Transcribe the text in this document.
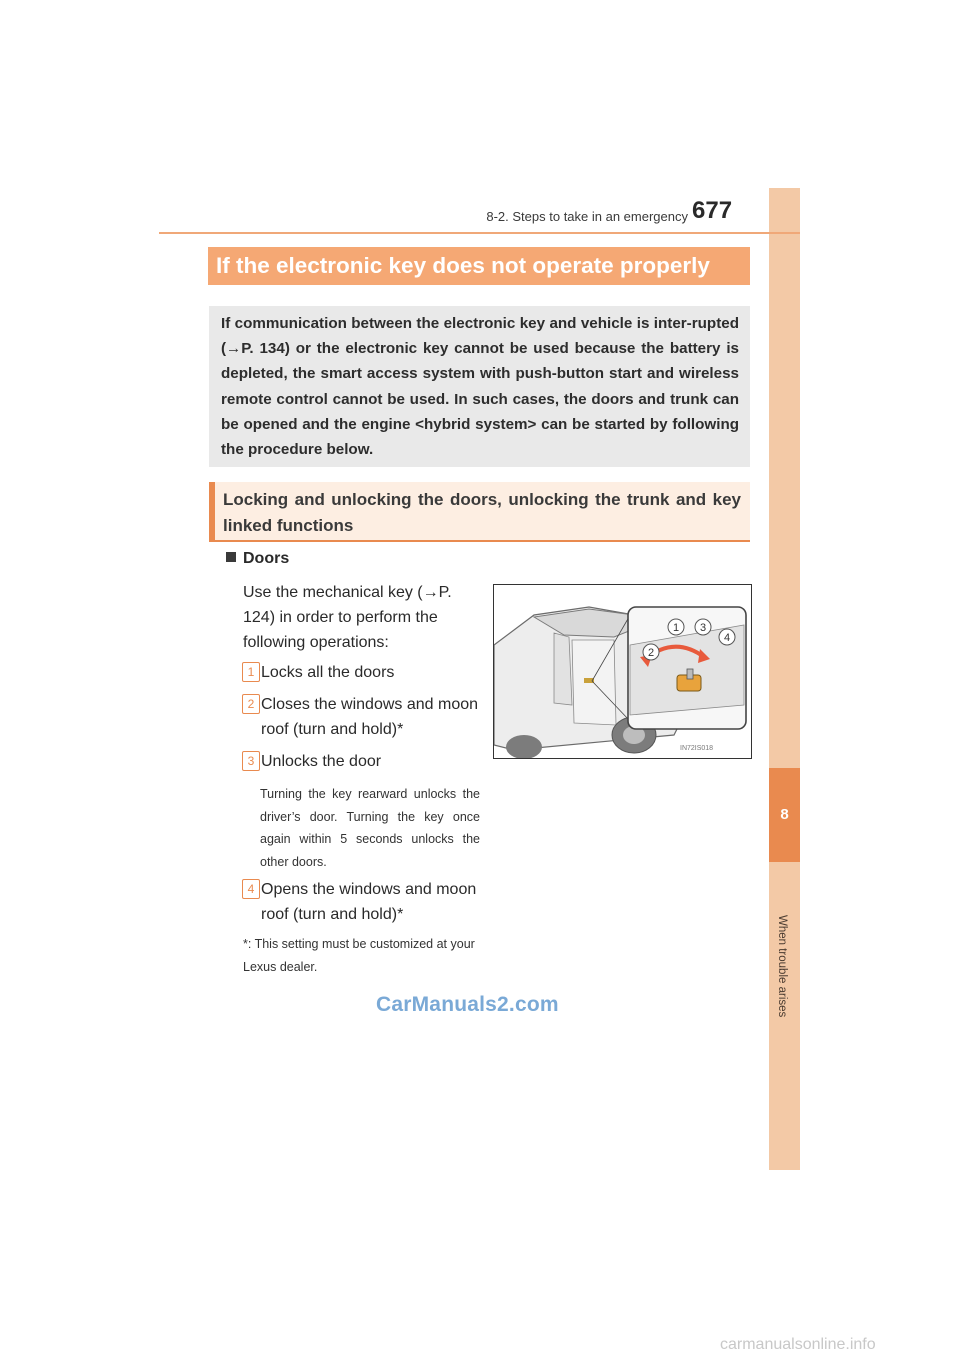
8
When trouble arises
8-2. Steps to take in an emergency 677
If the electronic key does not operate properly
If communication between the electronic key and vehicle is inter-rupted (→P. 134) or the electronic key cannot be used because the battery is depleted, the smart access system with push-button start and wireless remote control cannot be used. In such cases, the doors and trunk can be opened and the engine <hybrid system> can be started by following the procedure below.
Locking and unlocking the doors, unlocking the trunk and key linked functions
Doors
Use the mechanical key (→P. 124) in order to perform the following operations:
1 Locks all the doors
2 Closes the windows and moon roof (turn and hold)*
3 Unlocks the door
Turning the key rearward unlocks the driver’s door. Turning the key once again within 5 seconds unlocks the other doors.
4 Opens the windows and moon roof (turn and hold)*
*: This setting must be customized at your Lexus dealer.
2
1 3
4
IN72IS018
CarManuals2.com
carmanualsonline.info
